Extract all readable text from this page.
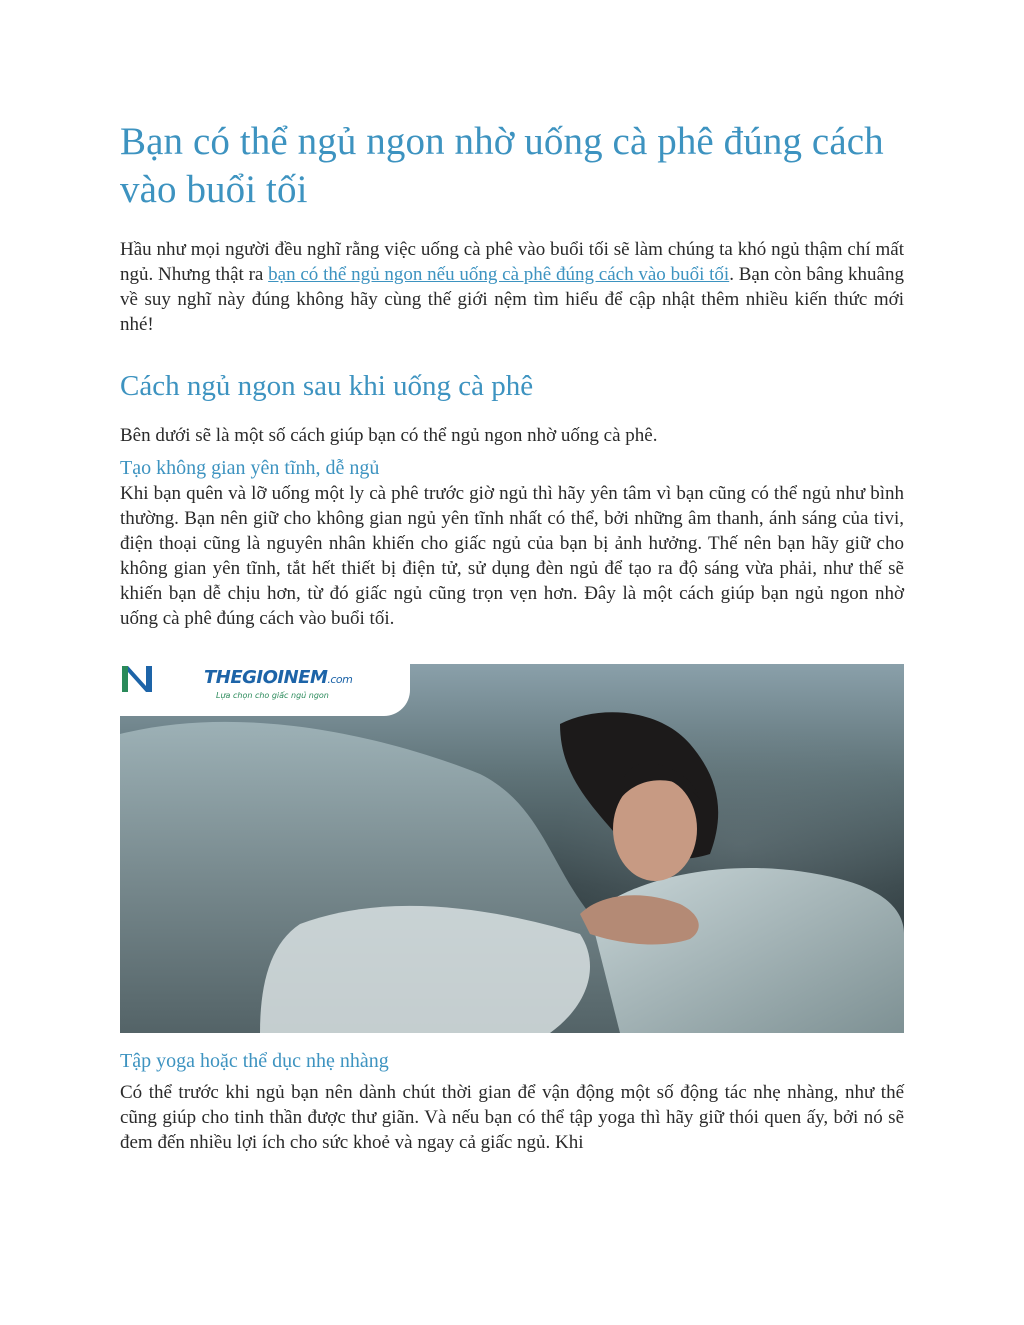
Bạn có thể ngủ ngon nhờ uống cà phê đúng cách vào buổi tối

Hầu như mọi người đều nghĩ rằng việc uống cà phê vào buổi tối sẽ làm chúng ta khó ngủ thậm chí mất ngủ. Nhưng thật ra bạn có thể ngủ ngon nếu uống cà phê đúng cách vào buổi tối. Bạn còn bâng khuâng về suy nghĩ này đúng không hãy cùng thế giới nệm tìm hiểu để cập nhật thêm nhiều kiến thức mới nhé!

Cách ngủ ngon sau khi uống cà phê

Bên dưới sẽ là một số cách giúp bạn có thể ngủ ngon nhờ uống cà phê.

Tạo không gian yên tĩnh, dễ ngủ

Khi bạn quên và lỡ uống một ly cà phê trước giờ ngủ thì hãy yên tâm vì bạn cũng có thể ngủ như bình thường. Bạn nên giữ cho không gian ngủ yên tĩnh nhất có thể, bởi những âm thanh, ánh sáng của tivi, điện thoại cũng là nguyên nhân khiến cho giấc ngủ của bạn bị ảnh hưởng. Thế nên bạn hãy giữ cho không gian yên tĩnh, tắt hết thiết bị điện tử, sử dụng đèn ngủ để tạo ra độ sáng vừa phải, như thế sẽ khiến bạn dễ chịu hơn, từ đó giấc ngủ cũng trọn vẹn hơn. Đây là một cách giúp bạn ngủ ngon nhờ uống cà phê đúng cách vào buổi tối.

THEGIOINEM.com
Lựa chọn cho giấc ngủ ngon
Tập yoga hoặc thể dục nhẹ nhàng

Có thể trước khi ngủ bạn nên dành chút thời gian để vận động một số động tác nhẹ nhàng, như thế cũng giúp cho tinh thần được thư giãn. Và nếu bạn có thể tập yoga thì hãy giữ thói quen ấy, bởi nó sẽ đem đến nhiều lợi ích cho sức khoẻ và ngay cả giấc ngủ. Khi
